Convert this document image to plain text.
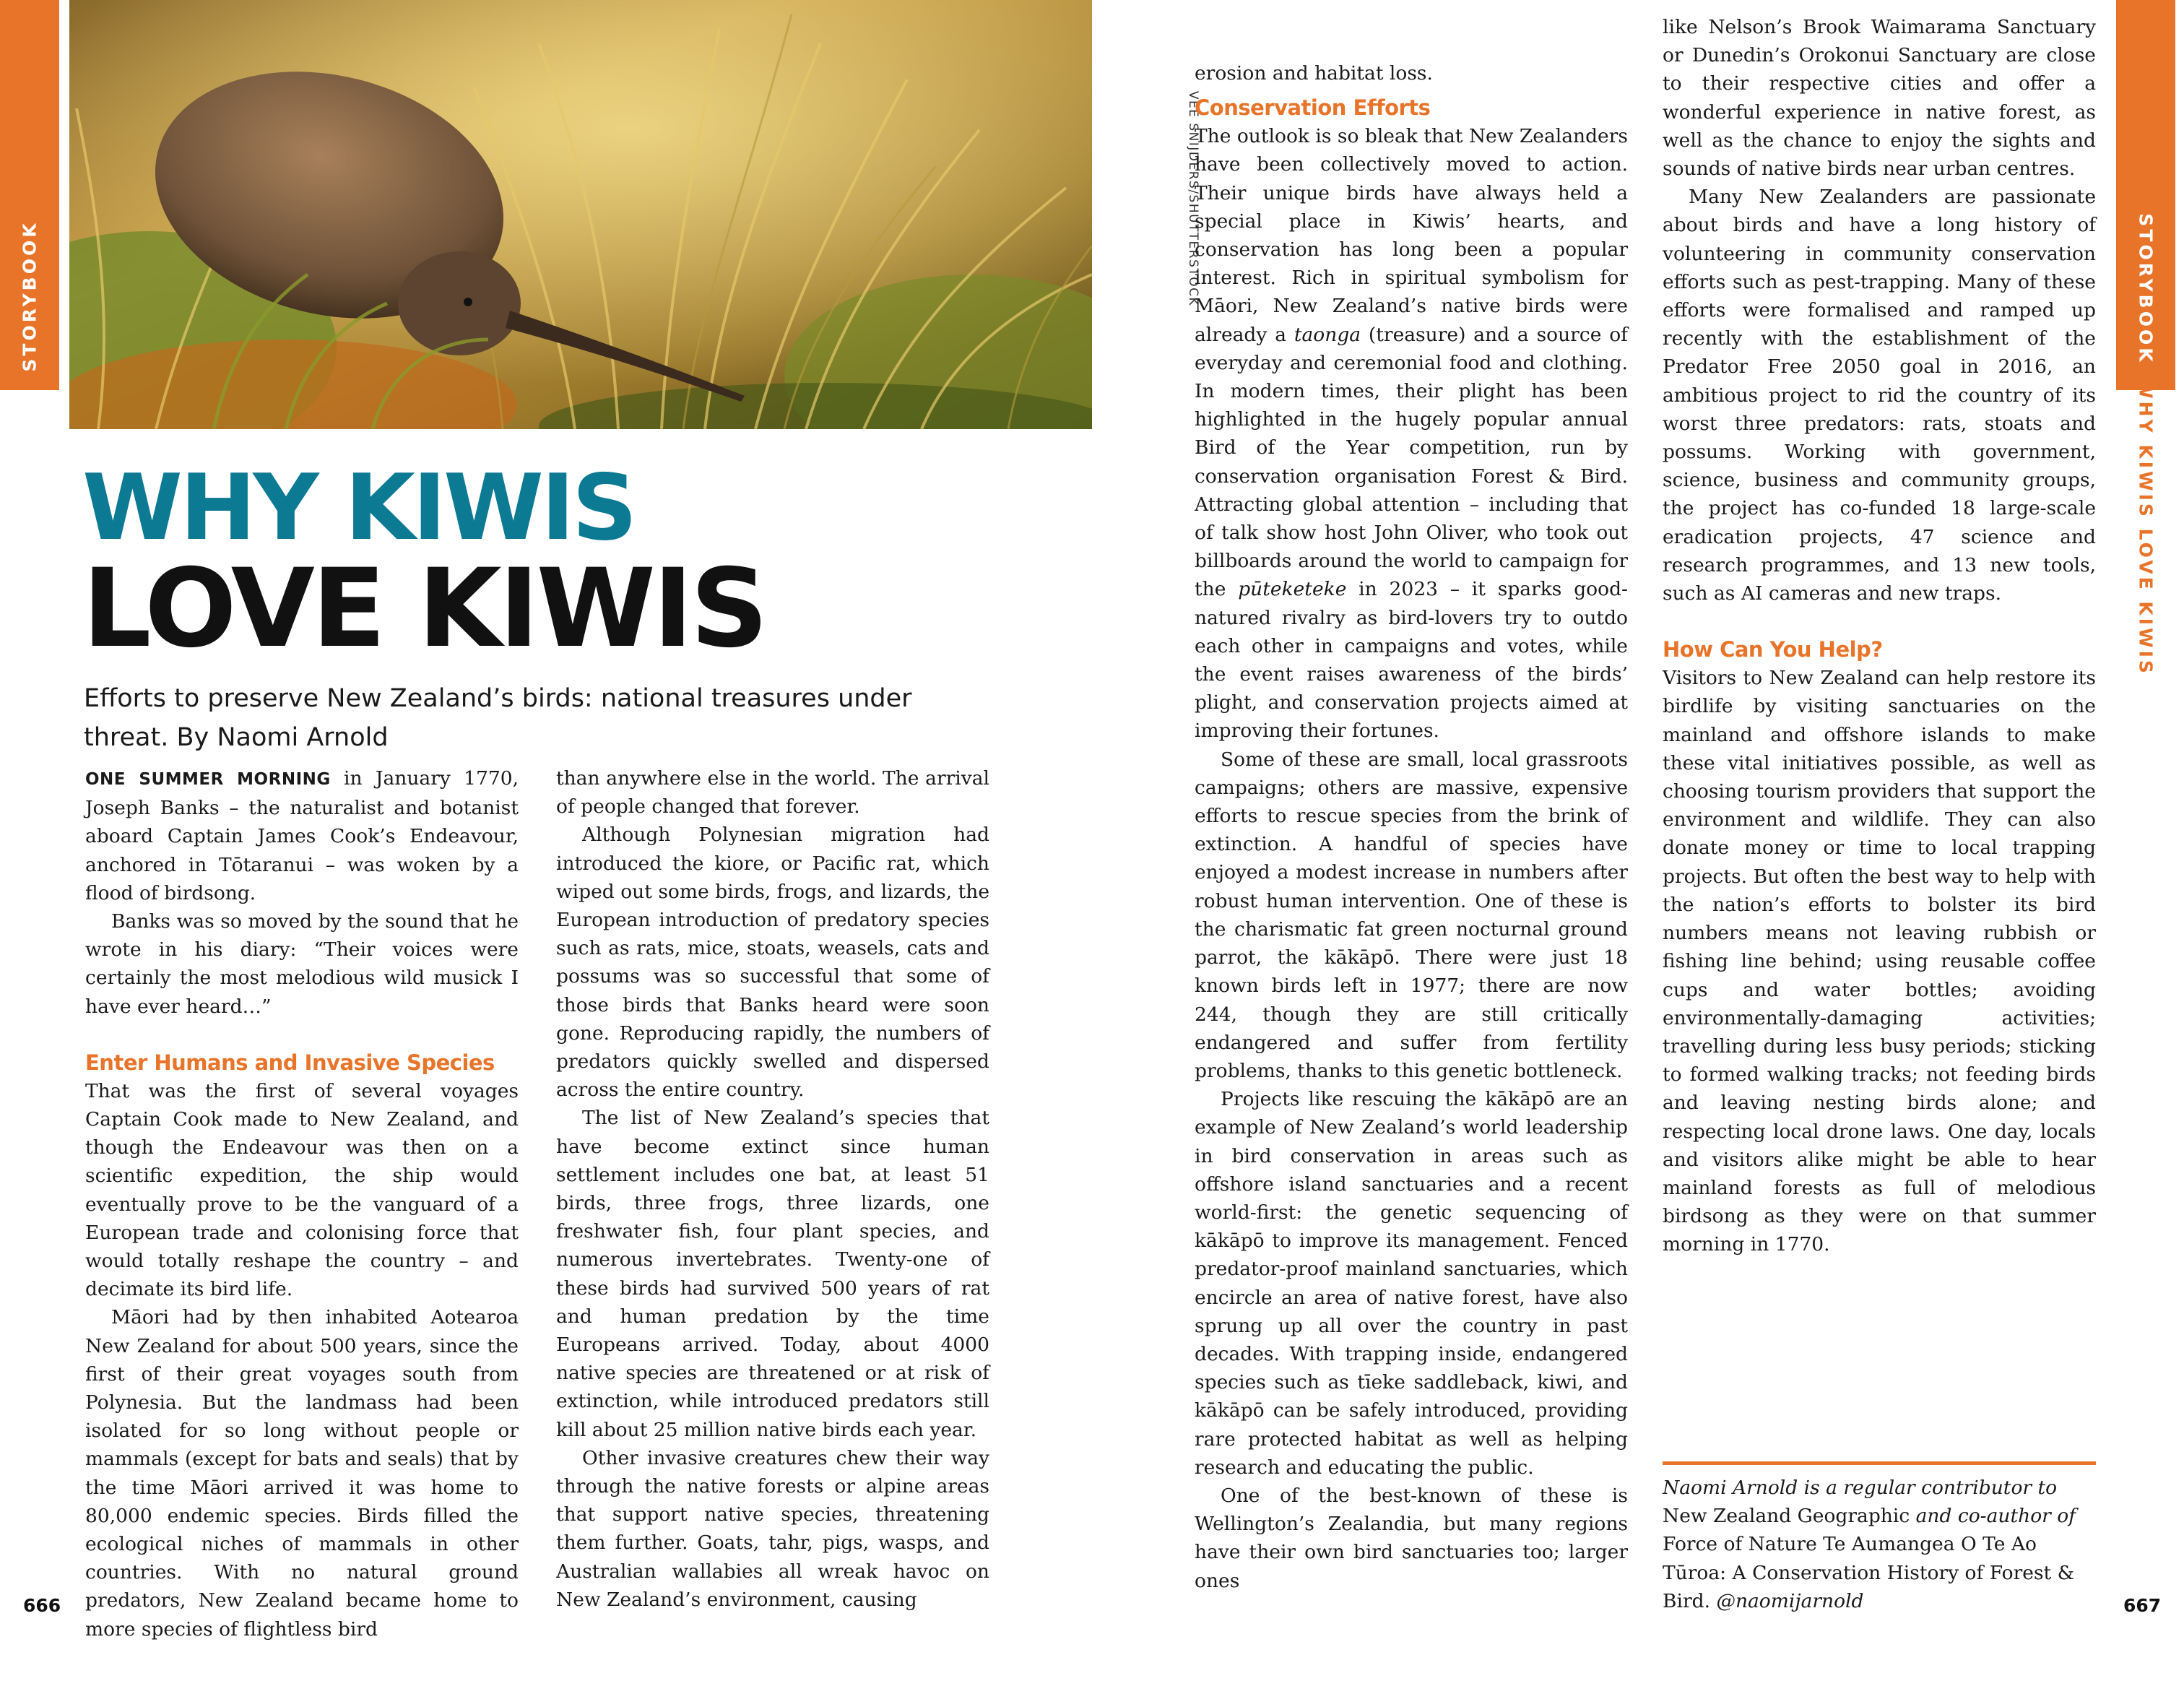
STORYBOOK	STORYBOOK
WHY KIWIS LOVE KIWIS
VEE SNIJDERS/SHUTTERSTOCK
WHY KIWIS
LOVE KIWIS

Efforts to preserve New Zealand’s birds: national treasures under threat. By Naomi Arnold

ONE SUMMER MORNING in January 1770, Joseph Banks – the naturalist and botanist aboard Captain James Cook’s Endeavour, anchored in Tōtaranui – was woken by a flood of birdsong.

Banks was so moved by the sound that he wrote in his diary: “Their voices were certainly the most melodious wild musick I have ever heard…”

Enter Humans and Invasive Species

That was the first of several voyages Captain Cook made to New Zealand, and though the Endeavour was then on a scientific expedition, the ship would eventually prove to be the vanguard of a European trade and colonising force that would totally reshape the country – and decimate its bird life.

Māori had by then inhabited Aotearoa New Zealand for about 500 years, since the first of their great voyages south from Polynesia. But the landmass had been isolated for so long without people or mammals (except for bats and seals) that by the time Māori arrived it was home to 80,000 endemic species. Birds filled the ecological niches of mammals in other countries. With no natural ground predators, New Zealand became home to more species of flightless bird

than anywhere else in the world. The arrival of people changed that forever.

Although Polynesian migration had introduced the kiore, or Pacific rat, which wiped out some birds, frogs, and lizards, the European introduction of predatory species such as rats, mice, stoats, weasels, cats and possums was so successful that some of those birds that Banks heard were soon gone. Reproducing rapidly, the numbers of predators quickly swelled and dispersed across the entire country.

The list of New Zealand’s species that have become extinct since human settlement includes one bat, at least 51 birds, three frogs, three lizards, one freshwater fish, four plant species, and numerous invertebrates. Twenty-one of these birds had survived 500 years of rat and human predation by the time Europeans arrived. Today, about 4000 native species are threatened or at risk of extinction, while introduced predators still kill about 25 million native birds each year.

Other invasive creatures chew their way through the native forests or alpine areas that support native species, threatening them further. Goats, tahr, pigs, wasps, and Australian wallabies all wreak havoc on New Zealand’s environment, causing

erosion and habitat loss.

Conservation Efforts

The outlook is so bleak that New Zealanders have been collectively moved to action. Their unique birds have always held a special place in Kiwis’ hearts, and conservation has long been a popular interest. Rich in spiritual symbolism for Māori, New Zealand’s native birds were already a taonga (treasure) and a source of everyday and ceremonial food and clothing. In modern times, their plight has been highlighted in the hugely popular annual Bird of the Year competition, run by conservation organisation Forest & Bird. Attracting global attention – including that of talk show host John Oliver, who took out billboards around the world to campaign for the pūteketeke in 2023 – it sparks good-natured rivalry as bird-lovers try to outdo each other in campaigns and votes, while the event raises awareness of the birds’ plight, and conservation projects aimed at improving their fortunes.

Some of these are small, local grassroots campaigns; others are massive, expensive efforts to rescue species from the brink of extinction. A handful of species have enjoyed a modest increase in numbers after robust human intervention. One of these is the charismatic fat green nocturnal ground parrot, the kākāpō. There were just 18 known birds left in 1977; there are now 244, though they are still critically endangered and suffer from fertility problems, thanks to this genetic bottleneck.

Projects like rescuing the kākāpō are an example of New Zealand’s world leadership in bird conservation in areas such as offshore island sanctuaries and a recent world-first: the genetic sequencing of kākāpō to improve its management. Fenced predator-proof mainland sanctuaries, which encircle an area of native forest, have also sprung up all over the country in past decades. With trapping inside, endangered species such as tīeke saddleback, kiwi, and kākāpō can be safely introduced, providing rare protected habitat as well as helping research and educating the public.

One of the best-known of these is Wellington’s Zealandia, but many regions have their own bird sanctuaries too; larger ones

like Nelson’s Brook Waimarama Sanctuary or Dunedin’s Orokonui Sanctuary are close to their respective cities and offer a wonderful experience in native forest, as well as the chance to enjoy the sights and sounds of native birds near urban centres.

Many New Zealanders are passionate about birds and have a long history of volunteering in community conservation efforts such as pest-trapping. Many of these efforts were formalised and ramped up recently with the establishment of the Predator Free 2050 goal in 2016, an ambitious project to rid the country of its worst three predators: rats, stoats and possums. Working with government, science, business and community groups, the project has co-funded 18 large-scale eradication projects, 47 science and research programmes, and 13 new tools, such as AI cameras and new traps.

How Can You Help?

Visitors to New Zealand can help restore its birdlife by visiting sanctuaries on the mainland and offshore islands to make these vital initiatives possible, as well as choosing tourism providers that support the environment and wildlife. They can also donate money or time to local trapping projects. But often the best way to help with the nation’s efforts to bolster its bird numbers means not leaving rubbish or fishing line behind; using reusable coffee cups and water bottles; avoiding environmentally-damaging activities; travelling during less busy periods; sticking to formed walking tracks; not feeding birds and leaving nesting birds alone; and respecting local drone laws. One day, locals and visitors alike might be able to hear mainland forests as full of melodious birdsong as they were on that summer morning in 1770.

Naomi Arnold is a regular contributor to New Zealand Geographic and co-author of Force of Nature Te Aumangea O Te Ao Tūroa: A Conservation History of Forest & Bird. @naomijarnold

666	667
